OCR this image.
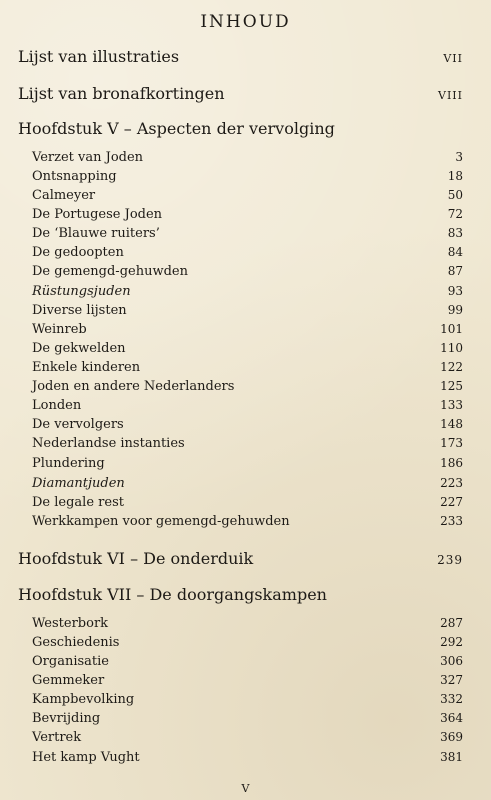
INHOUD
Lijst van illustraties	VII
Lijst van bronafkortingen	VIII
Hoofdstuk V – Aspecten der vervolging
Verzet van Joden	3
Ontsnapping	18
Calmeyer	50
De Portugese Joden	72
De ‘Blauwe ruiters’	83
De gedoopten	84
De gemengd-gehuwden	87
Rüstungsjuden	93
Diverse lijsten	99
Weinreb	101
De gekwelden	110
Enkele kinderen	122
Joden en andere Nederlanders	125
Londen	133
De vervolgers	148
Nederlandse instanties	173
Plundering	186
Diamantjuden	223
De legale rest	227
Werkkampen voor gemengd-gehuwden	233
Hoofdstuk VI – De onderduik	239
Hoofdstuk VII – De doorgangskampen
Westerbork	287
Geschiedenis	292
Organisatie	306
Gemmeker	327
Kampbevolking	332
Bevrijding	364
Vertrek	369
Het kamp Vught	381
V
